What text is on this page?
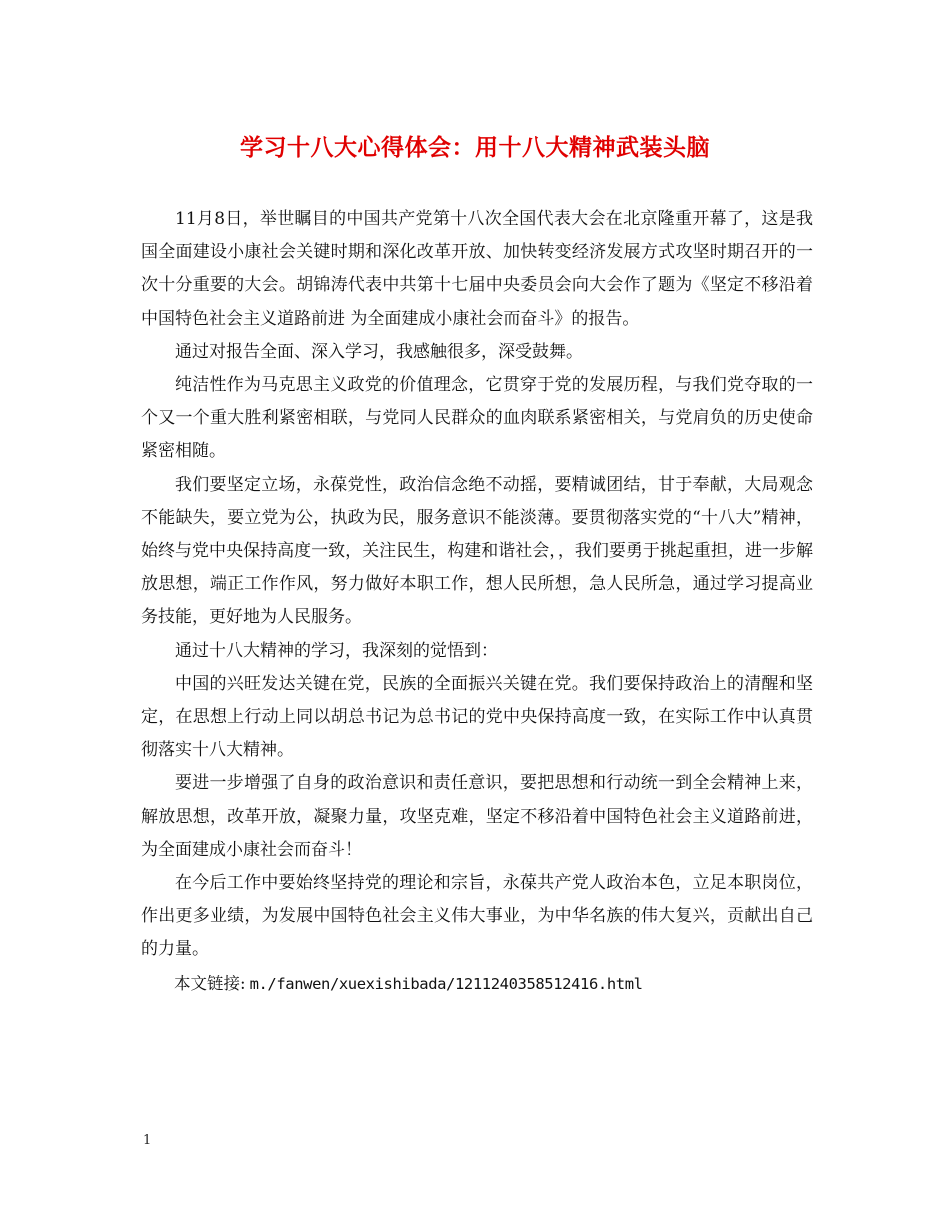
学习十八大心得体会：用十八大精神武装头脑

11月8日，举世瞩目的中国共产党第十八次全国代表大会在北京隆重开幕了，这是我国全面建设小康社会关键时期和深化改革开放、加快转变经济发展方式攻坚时期召开的一次十分重要的大会。胡锦涛代表中共第十七届中央委员会向大会作了题为《坚定不移沿着中国特色社会主义道路前进 为全面建成小康社会而奋斗》的报告。

通过对报告全面、深入学习，我感触很多，深受鼓舞。

纯洁性作为马克思主义政党的价值理念，它贯穿于党的发展历程，与我们党夺取的一个又一个重大胜利紧密相联，与党同人民群众的血肉联系紧密相关，与党肩负的历史使命紧密相随。

我们要坚定立场，永葆党性，政治信念绝不动摇，要精诚团结，甘于奉献，大局观念不能缺失，要立党为公，执政为民，服务意识不能淡薄。要贯彻落实党的“十八大”精神，始终与党中央保持高度一致，关注民生，构建和谐社会，，我们要勇于挑起重担，进一步解放思想，端正工作作风，努力做好本职工作，想人民所想，急人民所急，通过学习提高业务技能，更好地为人民服务。

通过十八大精神的学习，我深刻的觉悟到：

中国的兴旺发达关键在党，民族的全面振兴关键在党。我们要保持政治上的清醒和坚定，在思想上行动上同以胡总书记为总书记的党中央保持高度一致，在实际工作中认真贯彻落实十八大精神。

要进一步增强了自身的政治意识和责任意识，要把思想和行动统一到全会精神上来，解放思想，改革开放，凝聚力量，攻坚克难，坚定不移沿着中国特色社会主义道路前进，为全面建成小康社会而奋斗！

在今后工作中要始终坚持党的理论和宗旨，永葆共产党人政治本色，立足本职岗位，作出更多业绩，为发展中国特色社会主义伟大事业，为中华名族的伟大复兴，贡献出自己的力量。

本文链接: m./fanwen/xuexishibada/1211240358512416.html

1
